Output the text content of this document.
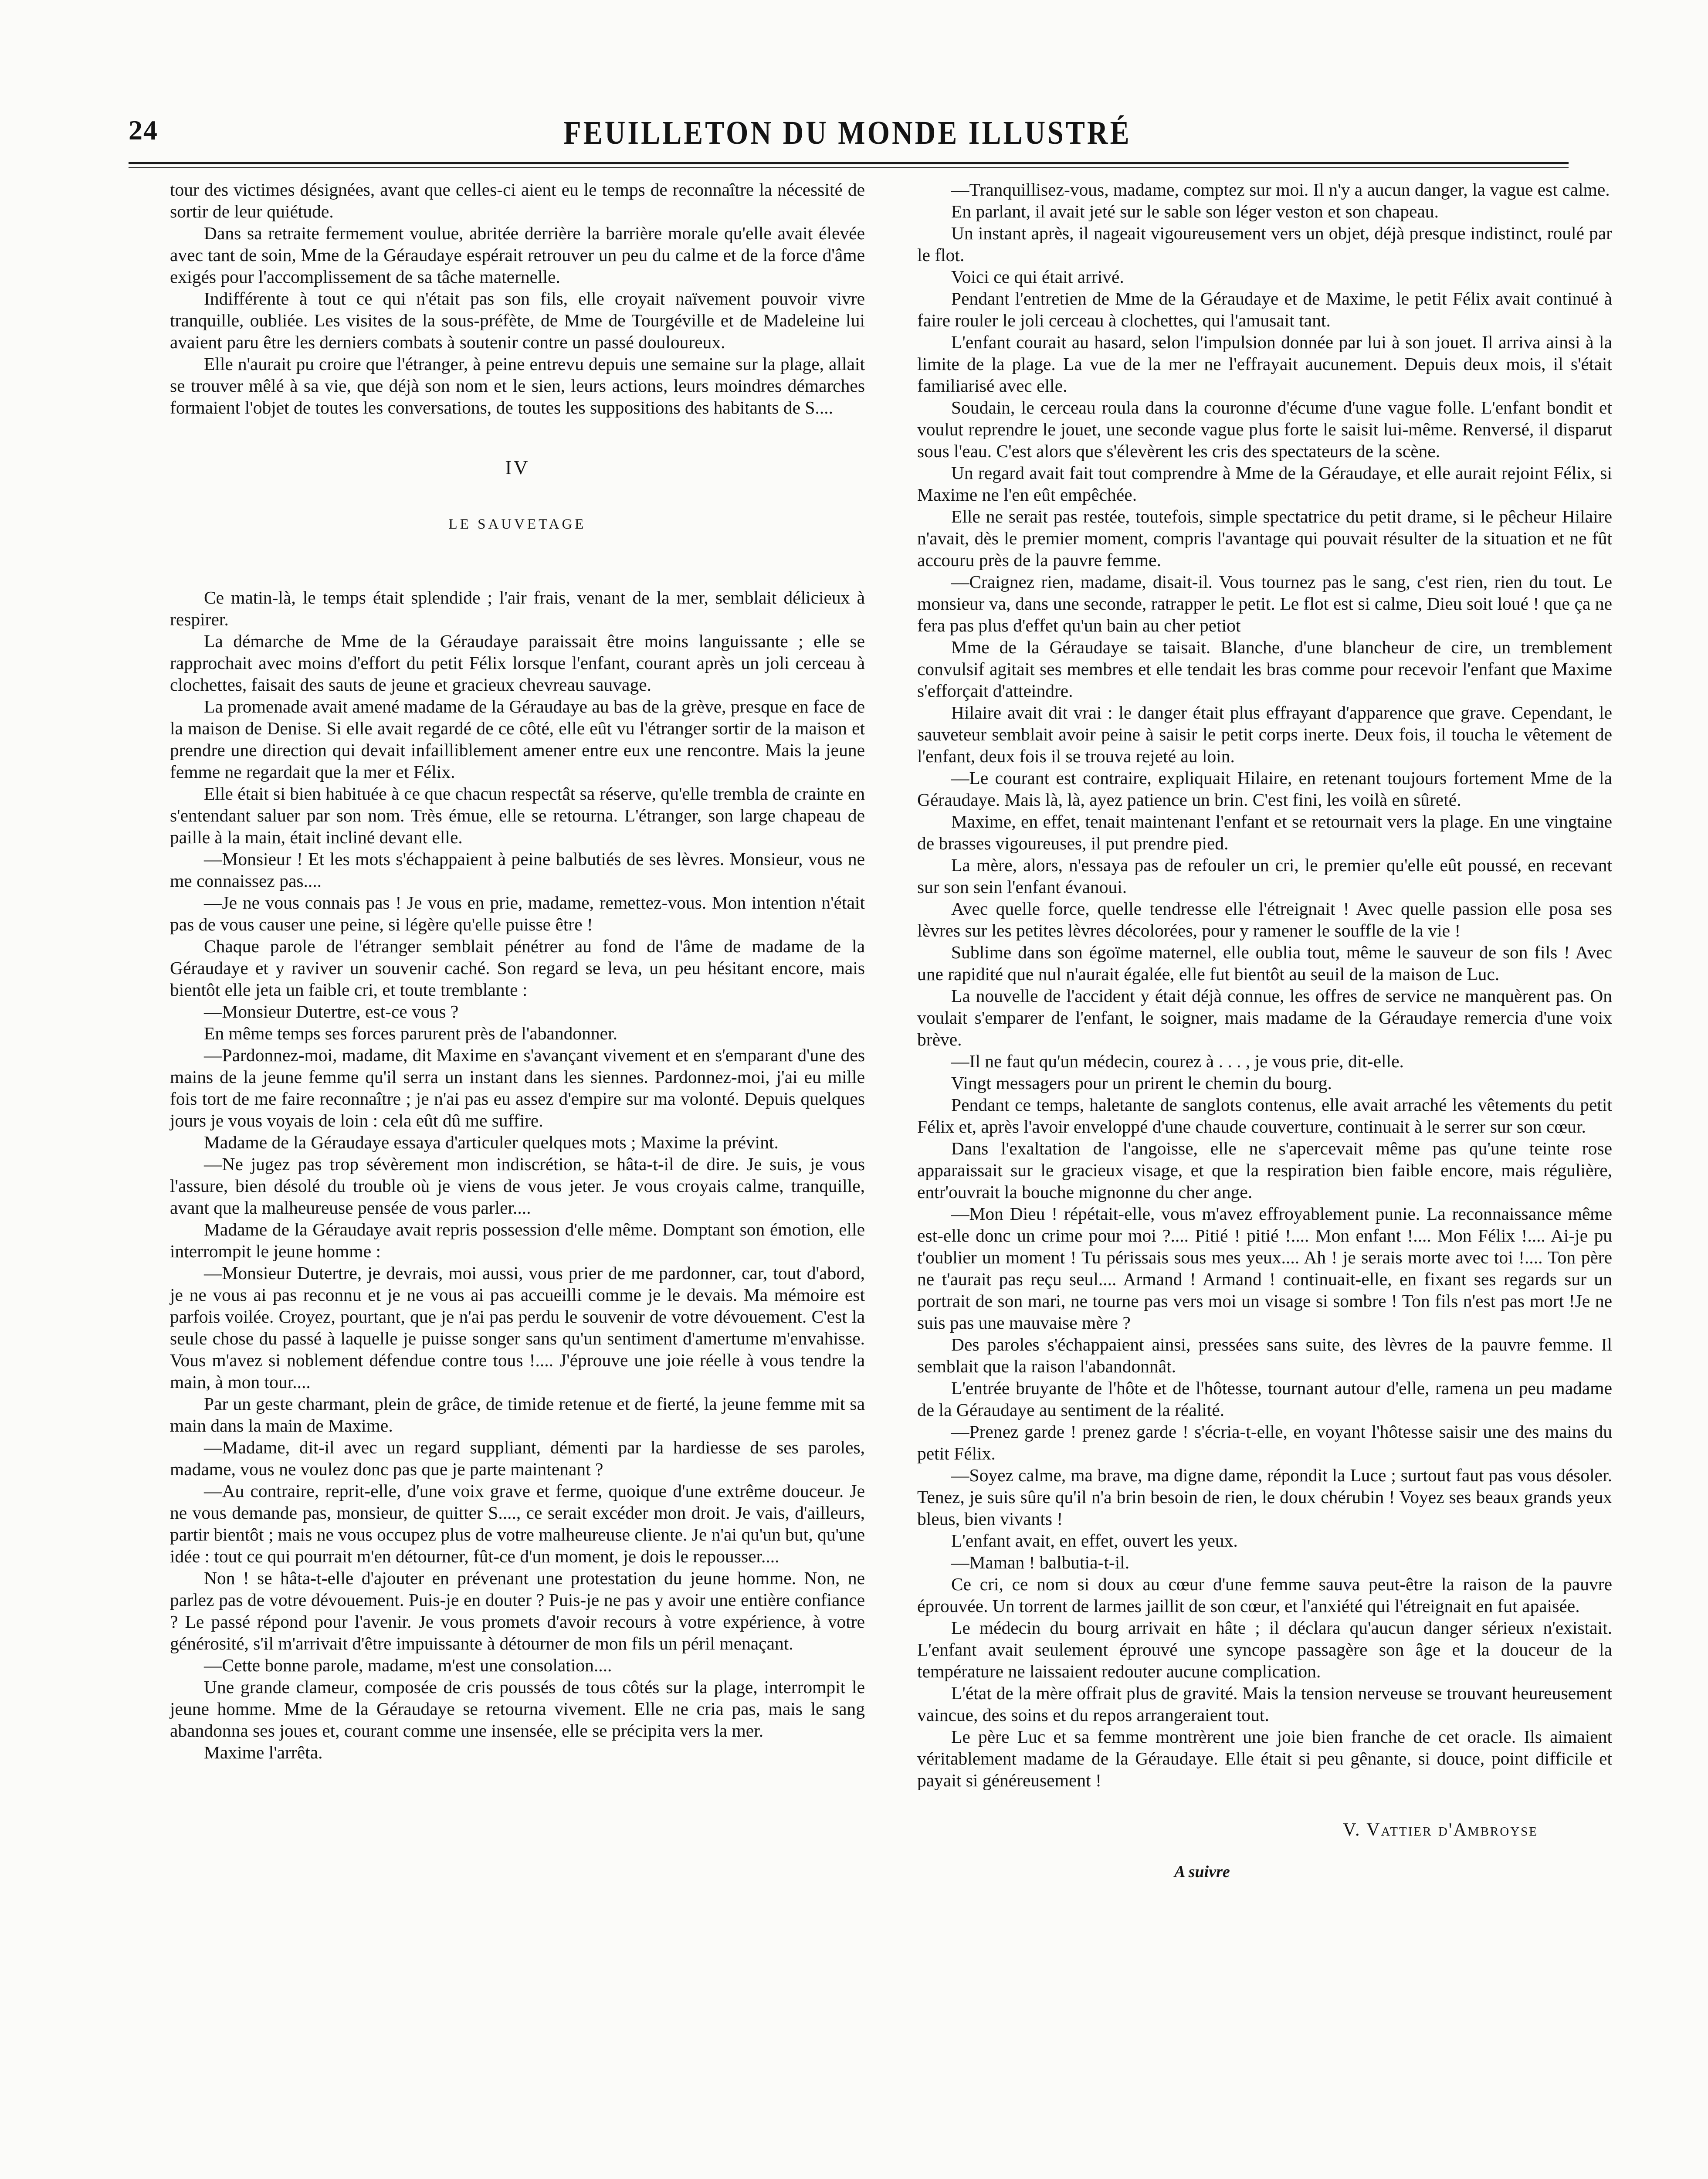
24	FEUILLETON DU MONDE ILLUSTRÉ

tour des victimes désignées, avant que celles-ci aient eu le temps de reconnaître la nécessité de sortir de leur quiétude.

Dans sa retraite fermement voulue, abritée derrière la barrière morale qu'elle avait élevée avec tant de soin, Mme de la Géraudaye espérait retrouver un peu du calme et de la force d'âme exigés pour l'accomplissement de sa tâche maternelle.

Indifférente à tout ce qui n'était pas son fils, elle croyait naïvement pouvoir vivre tranquille, oubliée. Les visites de la sous-préfète, de Mme de Tourgéville et de Madeleine lui avaient paru être les derniers combats à soutenir contre un passé douloureux.

Elle n'aurait pu croire que l'étranger, à peine entrevu depuis une semaine sur la plage, allait se trouver mêlé à sa vie, que déjà son nom et le sien, leurs actions, leurs moindres démarches formaient l'objet de toutes les conversations, de toutes les suppositions des habitants de S....

IV
LE SAUVETAGE

Ce matin-là, le temps était splendide ; l'air frais, venant de la mer, semblait délicieux à respirer.

La démarche de Mme de la Géraudaye paraissait être moins languissante ; elle se rapprochait avec moins d'effort du petit Félix lorsque l'enfant, courant après un joli cerceau à clochettes, faisait des sauts de jeune et gracieux chevreau sauvage.

La promenade avait amené madame de la Géraudaye au bas de la grève, presque en face de la maison de Denise. Si elle avait regardé de ce côté, elle eût vu l'étranger sortir de la maison et prendre une direction qui devait infailliblement amener entre eux une rencontre. Mais la jeune femme ne regardait que la mer et Félix.

Elle était si bien habituée à ce que chacun respectât sa réserve, qu'elle trembla de crainte en s'entendant saluer par son nom. Très émue, elle se retourna. L'étranger, son large chapeau de paille à la main, était incliné devant elle.

—Monsieur ! Et les mots s'échappaient à peine balbutiés de ses lèvres. Monsieur, vous ne me connaissez pas....

—Je ne vous connais pas ! Je vous en prie, madame, remettez-vous. Mon intention n'était pas de vous causer une peine, si légère qu'elle puisse être !

Chaque parole de l'étranger semblait pénétrer au fond de l'âme de madame de la Géraudaye et y raviver un souvenir caché. Son regard se leva, un peu hésitant encore, mais bientôt elle jeta un faible cri, et toute tremblante :

—Monsieur Dutertre, est-ce vous ?

En même temps ses forces parurent près de l'abandonner.

—Pardonnez-moi, madame, dit Maxime en s'avançant vivement et en s'emparant d'une des mains de la jeune femme qu'il serra un instant dans les siennes. Pardonnez-moi, j'ai eu mille fois tort de me faire reconnaître ; je n'ai pas eu assez d'empire sur ma volonté. Depuis quelques jours je vous voyais de loin : cela eût dû me suffire.

Madame de la Géraudaye essaya d'articuler quelques mots ; Maxime la prévint.

—Ne jugez pas trop sévèrement mon indiscrétion, se hâta-t-il de dire. Je suis, je vous l'assure, bien désolé du trouble où je viens de vous jeter. Je vous croyais calme, tranquille, avant que la malheureuse pensée de vous parler....

Madame de la Géraudaye avait repris possession d'elle même. Domptant son émotion, elle interrompit le jeune homme :

—Monsieur Dutertre, je devrais, moi aussi, vous prier de me pardonner, car, tout d'abord, je ne vous ai pas reconnu et je ne vous ai pas accueilli comme je le devais. Ma mémoire est parfois voilée. Croyez, pourtant, que je n'ai pas perdu le souvenir de votre dévouement. C'est la seule chose du passé à laquelle je puisse songer sans qu'un sentiment d'amertume m'envahisse. Vous m'avez si noblement défendue contre tous !.... J'éprouve une joie réelle à vous tendre la main, à mon tour....

Par un geste charmant, plein de grâce, de timide retenue et de fierté, la jeune femme mit sa main dans la main de Maxime.

—Madame, dit-il avec un regard suppliant, démenti par la hardiesse de ses paroles, madame, vous ne voulez donc pas que je parte maintenant ?

—Au contraire, reprit-elle, d'une voix grave et ferme, quoique d'une extrême douceur. Je ne vous demande pas, monsieur, de quitter S...., ce serait excéder mon droit. Je vais, d'ailleurs, partir bientôt ; mais ne vous occupez plus de votre malheureuse cliente. Je n'ai qu'un but, qu'une idée : tout ce qui pourrait m'en détourner, fût-ce d'un moment, je dois le repousser....

Non ! se hâta-t-elle d'ajouter en prévenant une protestation du jeune homme. Non, ne parlez pas de votre dévouement. Puis-je en douter ? Puis-je ne pas y avoir une entière confiance ? Le passé répond pour l'avenir. Je vous promets d'avoir recours à votre expérience, à votre générosité, s'il m'arrivait d'être impuissante à détourner de mon fils un péril menaçant.

—Cette bonne parole, madame, m'est une consolation....

Une grande clameur, composée de cris poussés de tous côtés sur la plage, interrompit le jeune homme. Mme de la Géraudaye se retourna vivement. Elle ne cria pas, mais le sang abandonna ses joues et, courant comme une insensée, elle se précipita vers la mer.

Maxime l'arrêta.

—Tranquillisez-vous, madame, comptez sur moi. Il n'y a aucun danger, la vague est calme.

En parlant, il avait jeté sur le sable son léger veston et son chapeau.

Un instant après, il nageait vigoureusement vers un objet, déjà presque indistinct, roulé par le flot.

Voici ce qui était arrivé.

Pendant l'entretien de Mme de la Géraudaye et de Maxime, le petit Félix avait continué à faire rouler le joli cerceau à clochettes, qui l'amusait tant.

L'enfant courait au hasard, selon l'impulsion donnée par lui à son jouet. Il arriva ainsi à la limite de la plage. La vue de la mer ne l'effrayait aucunement. Depuis deux mois, il s'était familiarisé avec elle.

Soudain, le cerceau roula dans la couronne d'écume d'une vague folle. L'enfant bondit et voulut reprendre le jouet, une seconde vague plus forte le saisit lui-même. Renversé, il disparut sous l'eau. C'est alors que s'élevèrent les cris des spectateurs de la scène.

Un regard avait fait tout comprendre à Mme de la Géraudaye, et elle aurait rejoint Félix, si Maxime ne l'en eût empêchée.

Elle ne serait pas restée, toutefois, simple spectatrice du petit drame, si le pêcheur Hilaire n'avait, dès le premier moment, compris l'avantage qui pouvait résulter de la situation et ne fût accouru près de la pauvre femme.

—Craignez rien, madame, disait-il. Vous tournez pas le sang, c'est rien, rien du tout. Le monsieur va, dans une seconde, ratrapper le petit. Le flot est si calme, Dieu soit loué ! que ça ne fera pas plus d'effet qu'un bain au cher petiot

Mme de la Géraudaye se taisait. Blanche, d'une blancheur de cire, un tremblement convulsif agitait ses membres et elle tendait les bras comme pour recevoir l'enfant que Maxime s'efforçait d'atteindre.

Hilaire avait dit vrai : le danger était plus effrayant d'apparence que grave. Cependant, le sauveteur semblait avoir peine à saisir le petit corps inerte. Deux fois, il toucha le vêtement de l'enfant, deux fois il se trouva rejeté au loin.

—Le courant est contraire, expliquait Hilaire, en retenant toujours fortement Mme de la Géraudaye. Mais là, là, ayez patience un brin. C'est fini, les voilà en sûreté.

Maxime, en effet, tenait maintenant l'enfant et se retournait vers la plage. En une vingtaine de brasses vigoureuses, il put prendre pied.

La mère, alors, n'essaya pas de refouler un cri, le premier qu'elle eût poussé, en recevant sur son sein l'enfant évanoui.

Avec quelle force, quelle tendresse elle l'étreignait ! Avec quelle passion elle posa ses lèvres sur les petites lèvres décolorées, pour y ramener le souffle de la vie !

Sublime dans son égoïme maternel, elle oublia tout, même le sauveur de son fils ! Avec une rapidité que nul n'aurait égalée, elle fut bientôt au seuil de la maison de Luc.

La nouvelle de l'accident y était déjà connue, les offres de service ne manquèrent pas. On voulait s'emparer de l'enfant, le soigner, mais madame de la Géraudaye remercia d'une voix brève.

—Il ne faut qu'un médecin, courez à . . . , je vous prie, dit-elle.

Vingt messagers pour un prirent le chemin du bourg.

Pendant ce temps, haletante de sanglots contenus, elle avait arraché les vêtements du petit Félix et, après l'avoir enveloppé d'une chaude couverture, continuait à le serrer sur son cœur.

Dans l'exaltation de l'angoisse, elle ne s'apercevait même pas qu'une teinte rose apparaissait sur le gracieux visage, et que la respiration bien faible encore, mais régulière, entr'ouvrait la bouche mignonne du cher ange.

—Mon Dieu ! répétait-elle, vous m'avez effroyablement punie. La reconnaissance même est-elle donc un crime pour moi ?.... Pitié ! pitié !.... Mon enfant !.... Mon Félix !.... Ai-je pu t'oublier un moment ! Tu périssais sous mes yeux.... Ah ! je serais morte avec toi !.... Ton père ne t'aurait pas reçu seul.... Armand ! Armand ! continuait-elle, en fixant ses regards sur un portrait de son mari, ne tourne pas vers moi un visage si sombre ! Ton fils n'est pas mort !Je ne suis pas une mauvaise mère ?

Des paroles s'échappaient ainsi, pressées sans suite, des lèvres de la pauvre femme. Il semblait que la raison l'abandonnât.

L'entrée bruyante de l'hôte et de l'hôtesse, tournant autour d'elle, ramena un peu madame de la Géraudaye au sentiment de la réalité.

—Prenez garde ! prenez garde ! s'écria-t-elle, en voyant l'hôtesse saisir une des mains du petit Félix.

—Soyez calme, ma brave, ma digne dame, répondit la Luce ; surtout faut pas vous désoler. Tenez, je suis sûre qu'il n'a brin besoin de rien, le doux chérubin ! Voyez ses beaux grands yeux bleus, bien vivants !

L'enfant avait, en effet, ouvert les yeux.

—Maman ! balbutia-t-il.

Ce cri, ce nom si doux au cœur d'une femme sauva peut-être la raison de la pauvre éprouvée. Un torrent de larmes jaillit de son cœur, et l'anxiété qui l'étreignait en fut apaisée.

Le médecin du bourg arrivait en hâte ; il déclara qu'aucun danger sérieux n'existait. L'enfant avait seulement éprouvé une syncope passagère son âge et la douceur de la température ne laissaient redouter aucune complication.

L'état de la mère offrait plus de gravité. Mais la tension nerveuse se trouvant heureusement vaincue, des soins et du repos arrangeraient tout.

Le père Luc et sa femme montrèrent une joie bien franche de cet oracle. Ils aimaient véritablement madame de la Géraudaye. Elle était si peu gênante, si douce, point difficile et payait si généreusement !

V. Vattier d'Ambroyse
A suivre
